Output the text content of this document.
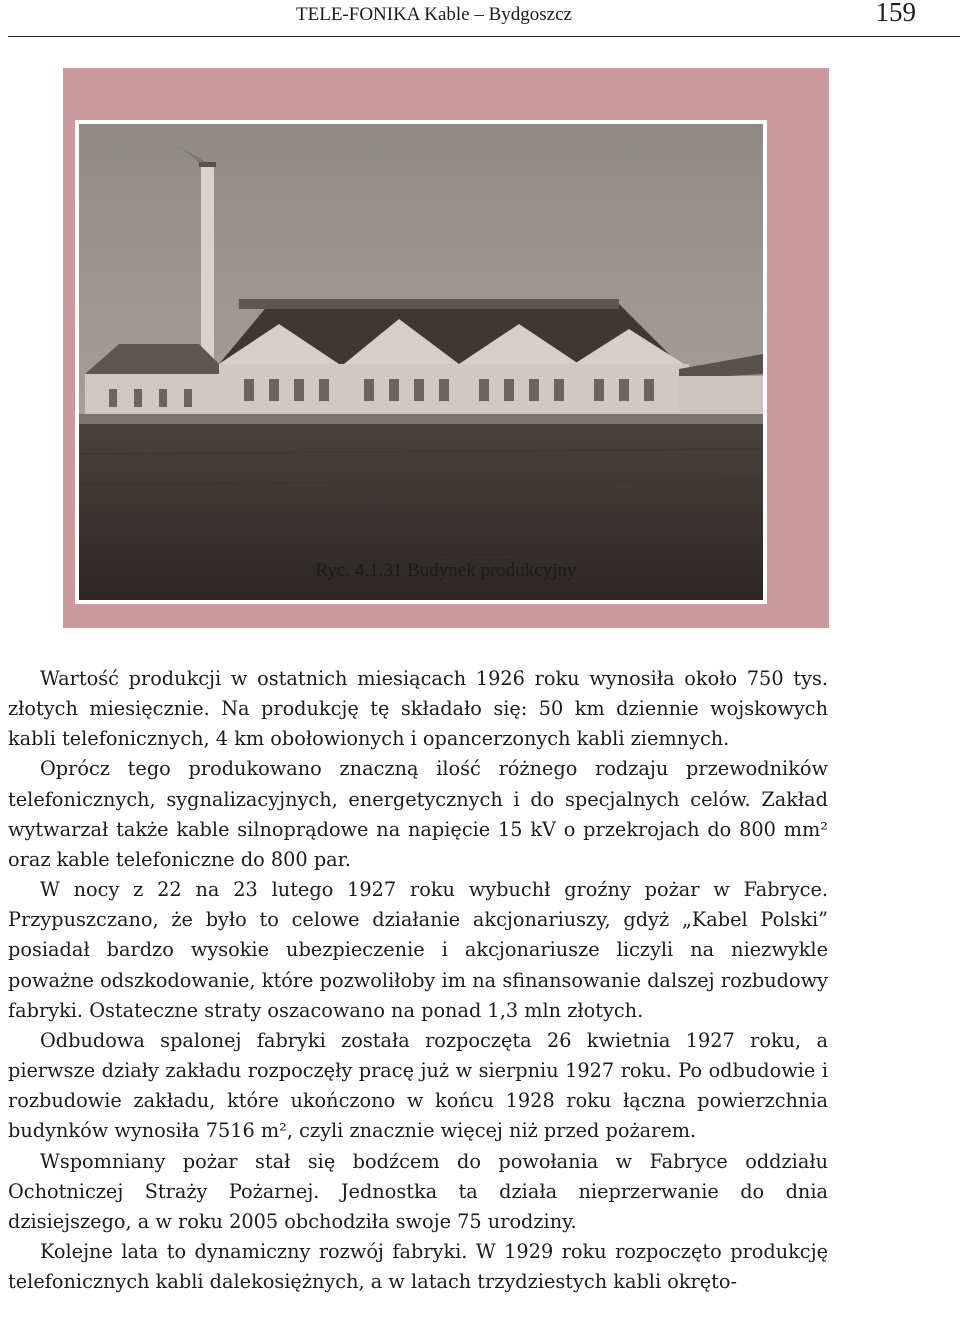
TELE-FONIKA Kable – Bydgoszcz	159
Ryc. 4.1.31 Budynek produkcyjny

Wartość produkcji w ostatnich miesiącach 1926 roku wynosiła około 750 tys. złotych miesięcznie. Na produkcję tę składało się: 50 km dziennie wojskowych kabli telefonicznych, 4 km obołowionych i opancerzonych kabli ziemnych.

Oprócz tego produkowano znaczną ilość różnego rodzaju przewodników telefonicznych, sygnalizacyjnych, energetycznych i do specjalnych celów. Zakład wytwarzał także kable silnoprądowe na napięcie 15 kV o przekrojach do 800 mm² oraz kable telefoniczne do 800 par.

W nocy z 22 na 23 lutego 1927 roku wybuchł groźny pożar w Fabryce. Przypuszczano, że było to celowe działanie akcjonariuszy, gdyż „Kabel Polski” posiadał bardzo wysokie ubezpieczenie i akcjonariusze liczyli na niezwykle poważne odszkodowanie, które pozwoliłoby im na sfinansowanie dalszej rozbudowy fabryki. Ostateczne straty oszacowano na ponad 1,3 mln złotych.

Odbudowa spalonej fabryki została rozpoczęta 26 kwietnia 1927 roku, a pierwsze działy zakładu rozpoczęły pracę już w sierpniu 1927 roku. Po odbudowie i rozbudowie zakładu, które ukończono w końcu 1928 roku łączna powierzchnia budynków wynosiła 7516 m², czyli znacznie więcej niż przed pożarem.

Wspomniany pożar stał się bodźcem do powołania w Fabryce oddziału Ochotniczej Straży Pożarnej. Jednostka ta działa nieprzerwanie do dnia dzisiejszego, a w roku 2005 obchodziła swoje 75 urodziny.

Kolejne lata to dynamiczny rozwój fabryki. W 1929 roku rozpoczęto produkcję telefonicznych kabli dalekosiężnych, a w latach trzydziestych kabli okręto-
